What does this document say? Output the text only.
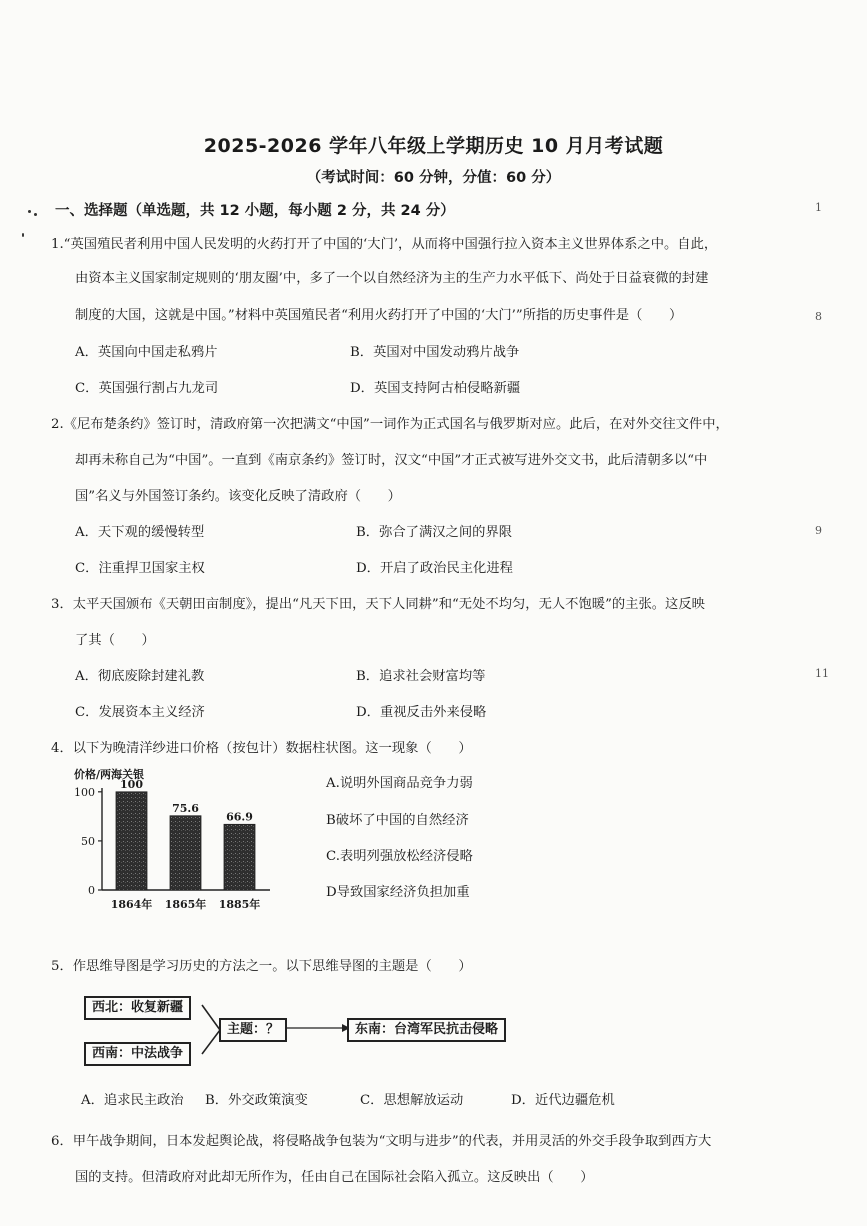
2025-2026 学年八年级上学期历史 10 月月考试题
（考试时间：60 分钟，分值：60 分）
一、选择题（单选题，共 12 小题，每小题 2 分，共 24 分）	1
8
9
11
1.“英国殖民者利用中国人民发明的火药打开了中国的‘大门’，从而将中国强行拉入资本主义世界体系之中。自此，
由资本主义国家制定规则的‘朋友圈’中，多了一个以自然经济为主的生产力水平低下、尚处于日益衰微的封建
制度的大国，这就是中国。”材料中英国殖民者“利用火药打开了中国的‘大门’”所指的历史事件是（　　）
A．英国向中国走私鸦片	B．英国对中国发动鸦片战争
C．英国强行割占九龙司	D．英国支持阿古柏侵略新疆
2.《尼布楚条约》签订时，清政府第一次把满文“中国”一词作为正式国名与俄罗斯对应。此后，在对外交往文件中，
却再未称自己为“中国”。一直到《南京条约》签订时，汉文“中国”才正式被写进外交文书，此后清朝多以“中
国”名义与外国签订条约。该变化反映了清政府（　　）
A．天下观的缓慢转型	B．弥合了满汉之间的界限
C．注重捍卫国家主权	D．开启了政治民主化进程
3．太平天国颁布《天朝田亩制度》，提出“凡天下田，天下人同耕”和“无处不均匀，无人不饱暖”的主张。这反映
了其（　　）
A．彻底废除封建礼教	B．追求社会财富均等
C．发展资本主义经济	D．重视反击外来侵略
4．以下为晚清洋纱进口价格（按包计）数据柱状图。这一现象（　　）
价格/两海关银
0
50
100
100
1864年
75.6
1865年
66.9
1885年
A.说明外国商品竞争力弱
B破坏了中国的自然经济
C.表明列强放松经济侵略
D导致国家经济负担加重
5．作思维导图是学习历史的方法之一。以下思维导图的主题是（　　）
西北：收复新疆
西南：中法战争
主题：？	东南：台湾军民抗击侵略
A．追求民主政治 B．外交政策演变	C．思想解放运动	D．近代边疆危机
6．甲午战争期间，日本发起舆论战，将侵略战争包装为“文明与进步”的代表，并用灵活的外交手段争取到西方大
国的支持。但清政府对此却无所作为，任由自己在国际社会陷入孤立。这反映出（　　）
